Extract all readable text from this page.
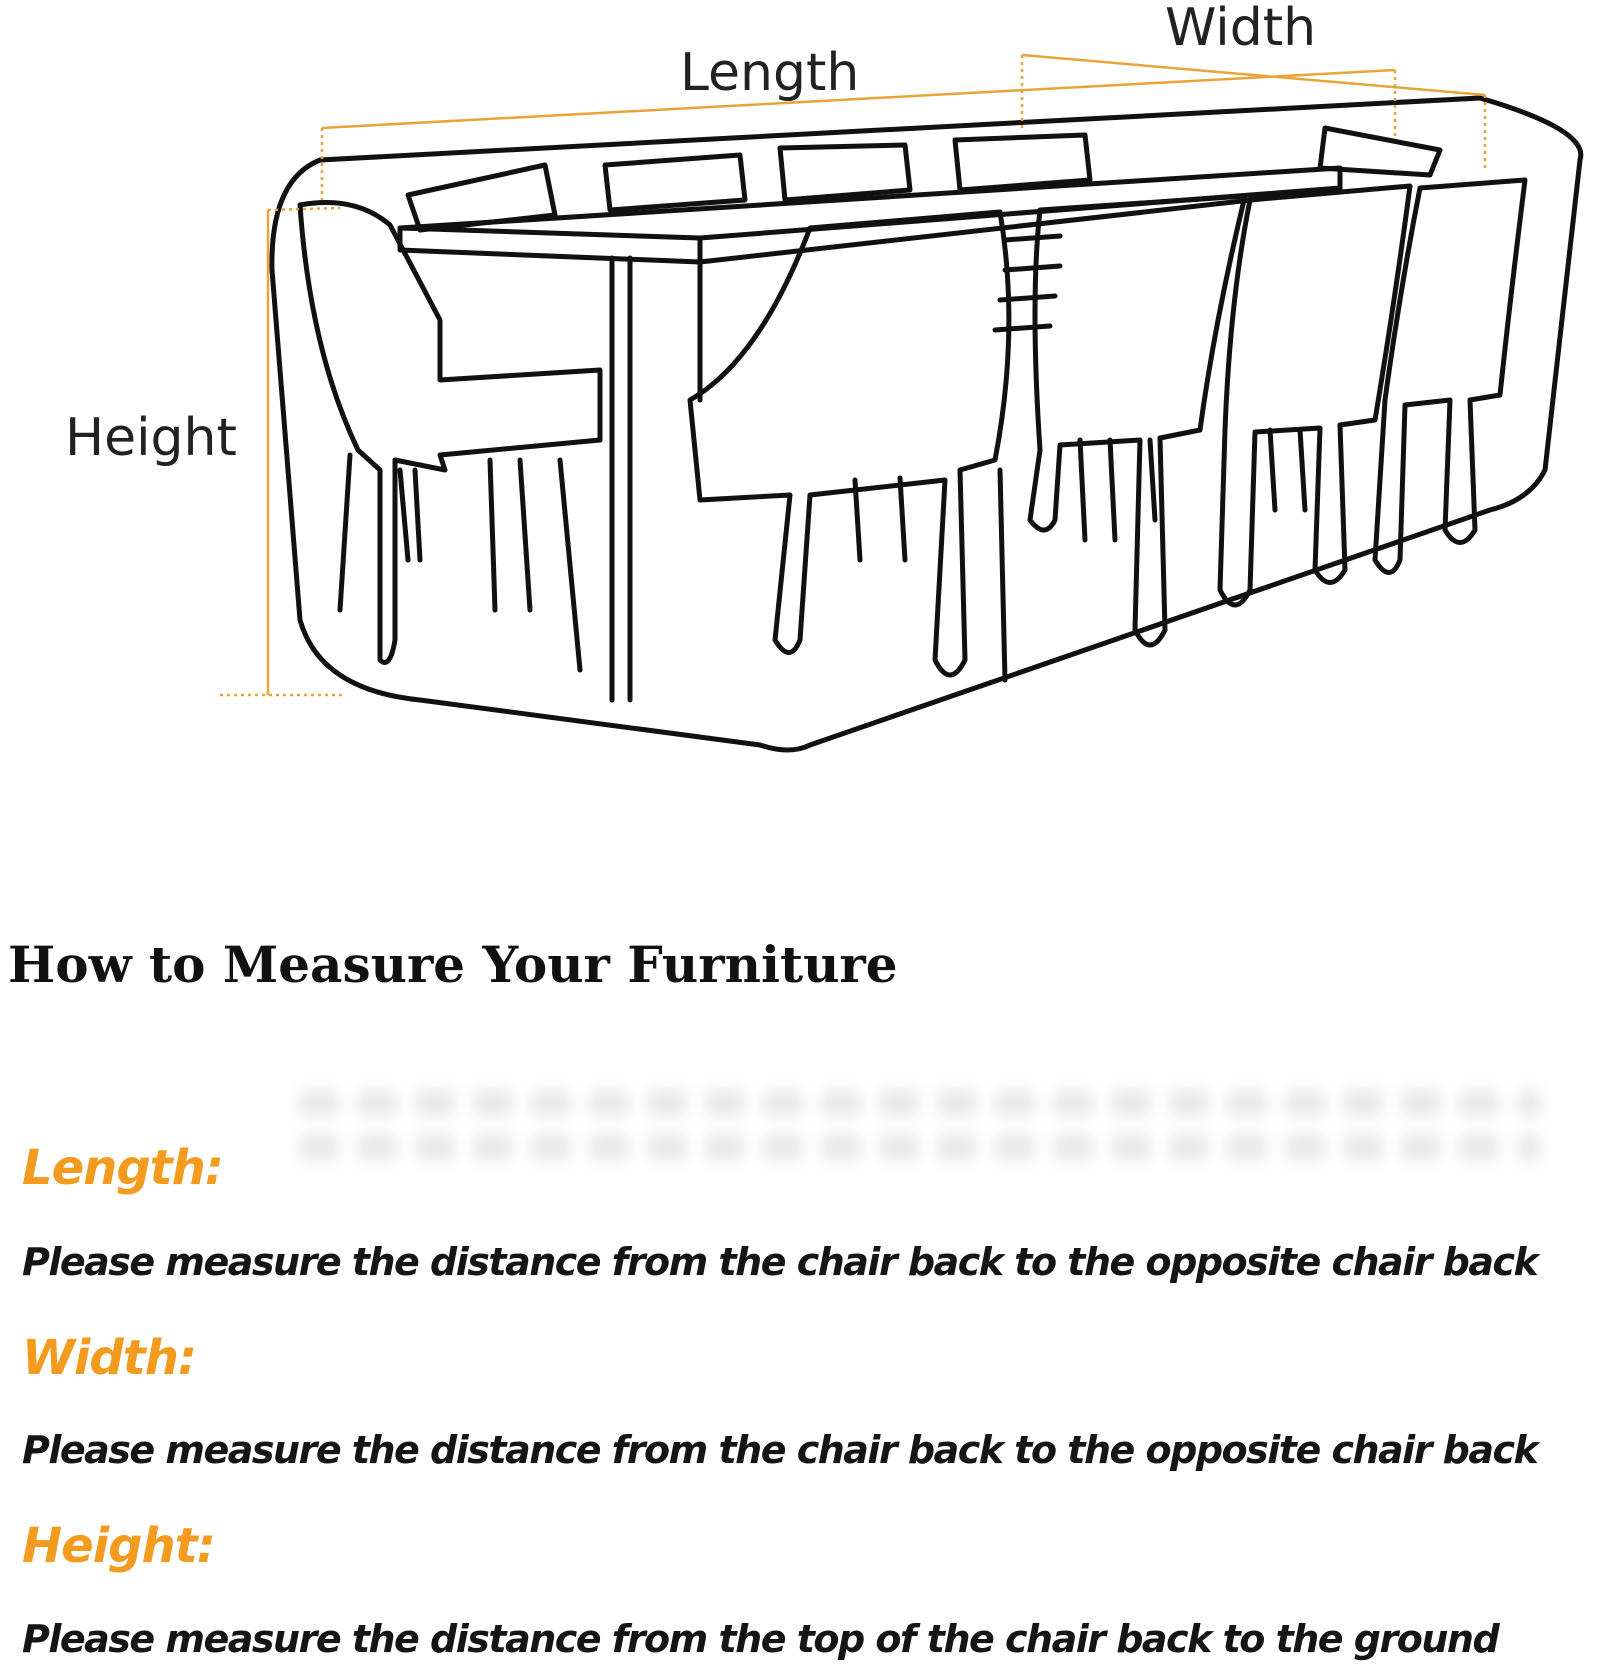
Length
Width
Height
How to Measure Your Furniture
Length:
Please measure the distance from the chair back to the opposite chair back
Width:
Please measure the distance from the chair back to the opposite chair back
Height:
Please measure the distance from the top of the chair back to the ground
